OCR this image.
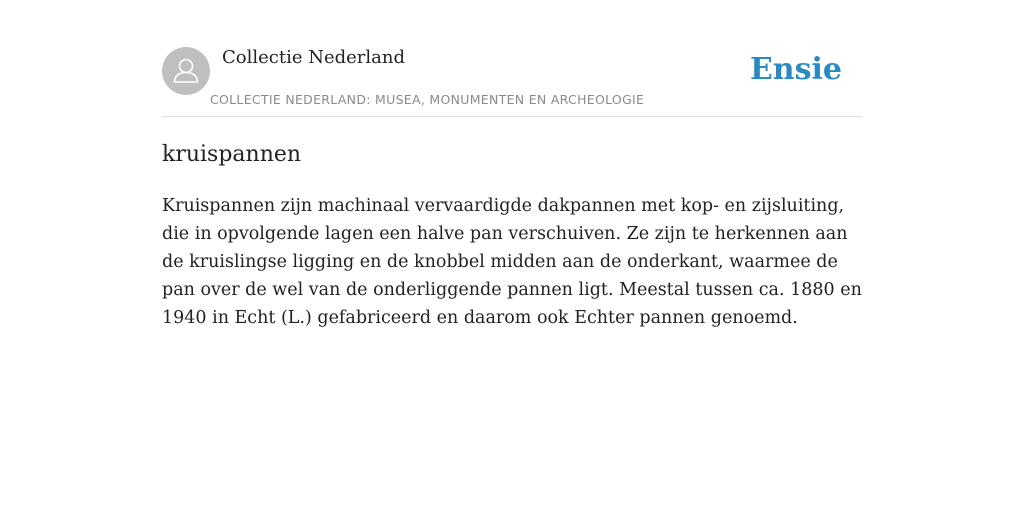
Collectie Nederland
COLLECTIE NEDERLAND: MUSEA, MONUMENTEN EN ARCHEOLOGIE
Ensie
kruispannen

Kruispannen zijn machinaal vervaardigde dakpannen met kop- en zijsluiting, die in opvolgende lagen een halve pan verschuiven. Ze zijn te herkennen aan de kruislingse ligging en de knobbel midden aan de onderkant, waarmee de pan over de wel van de onderliggende pannen ligt. Meestal tussen ca. 1880 en 1940 in Echt (L.) gefabriceerd en daarom ook Echter pannen genoemd.
